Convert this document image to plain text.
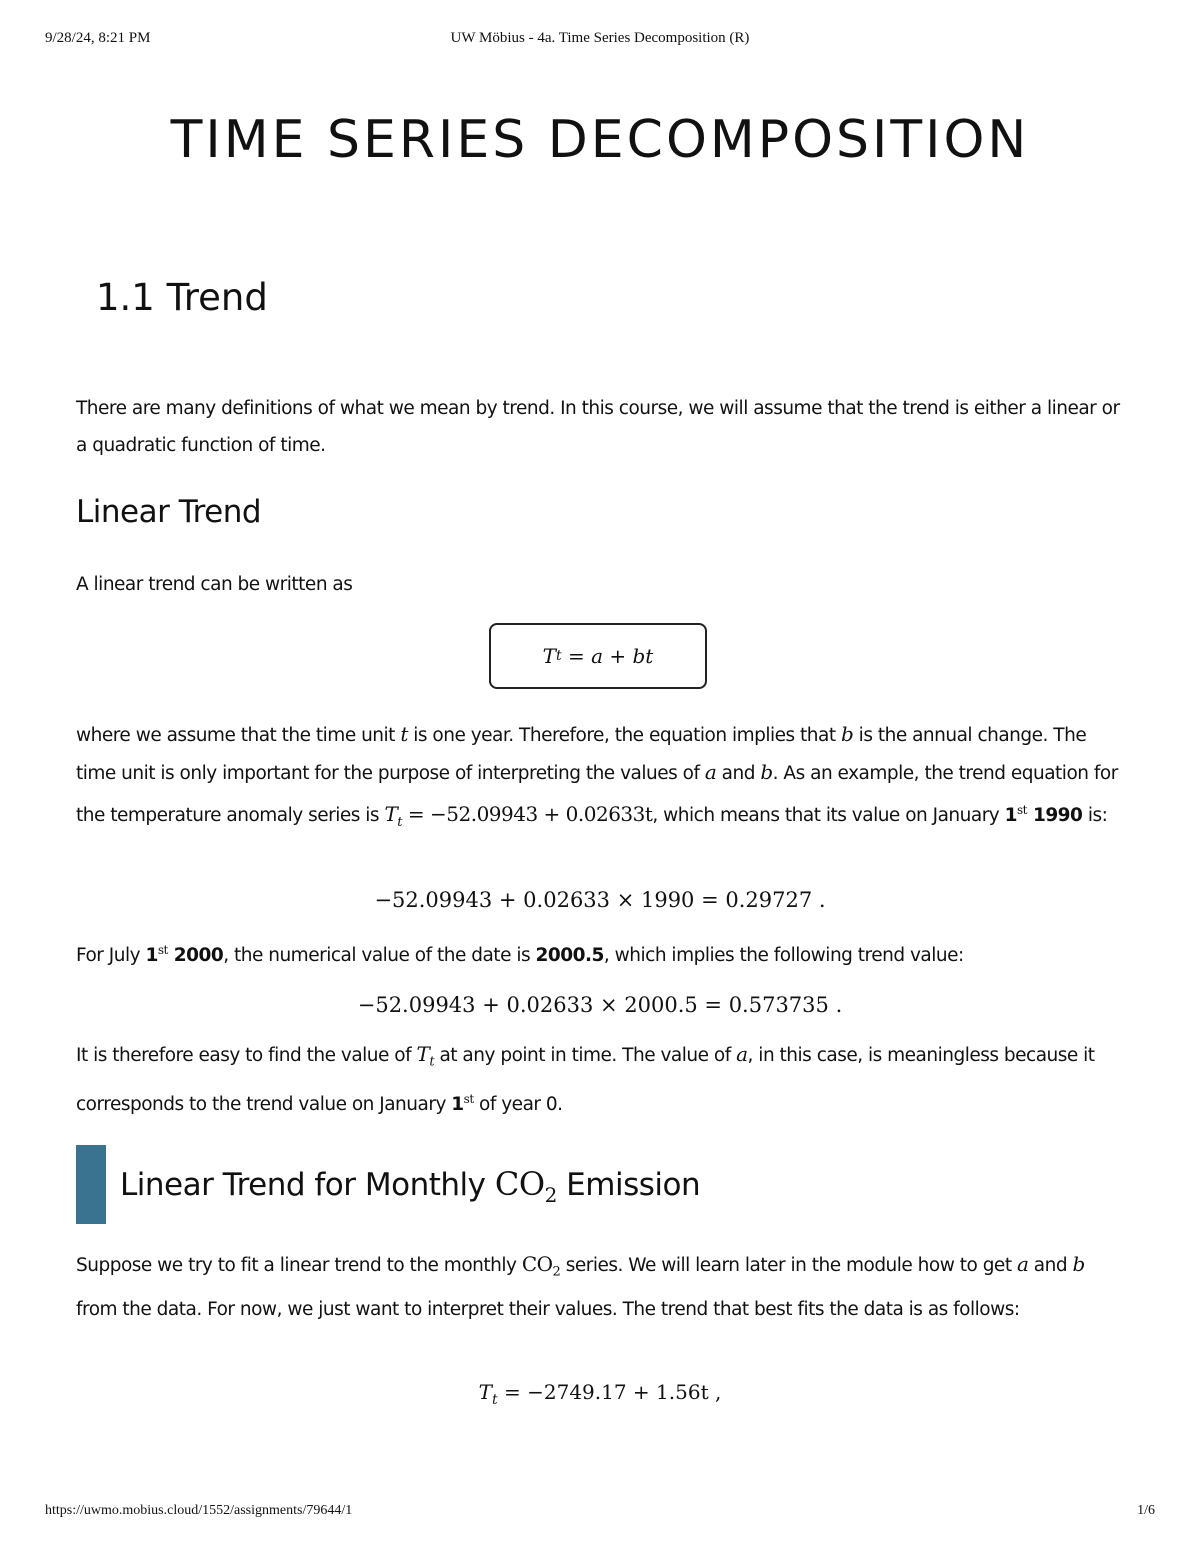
9/28/24, 8:21 PM	UW Möbius - 4a. Time Series Decomposition (R)
TIME SERIES DECOMPOSITION
1.1 Trend

There are many definitions of what we mean by trend. In this course, we will assume that the trend is either a linear or a quadratic function of time.

Linear Trend

A linear trend can be written as

T t = a + bt

where we assume that the time unit t is one year. Therefore, the equation implies that b is the annual change. The time unit is only important for the purpose of interpreting the values of a and b. As an example, the trend equation for the temperature anomaly series is $T_t = -52.09943 + 0.02633t$, which means that its value on January 1st 1990 is:

−52.09943 + 0.02633 × 1990 = 0.29727 .

For July 1st 2000, the numerical value of the date is 2000.5, which implies the following trend value:

−52.09943 + 0.02633 × 2000.5 = 0.573735 .

It is therefore easy to find the value of $T_t$ at any point in time. The value of a, in this case, is meaningless because it corresponds to the trend value on January 1st of year 0.

Linear Trend for Monthly $CO_2$ Emission

Suppose we try to fit a linear trend to the monthly $CO_2$ series. We will learn later in the module how to get a and b from the data. For now, we just want to interpret their values. The trend that best fits the data is as follows:

$T_t = -2749.17 + 1.56t$ ,
https://uwmo.mobius.cloud/1552/assignments/79644/1	1/6
